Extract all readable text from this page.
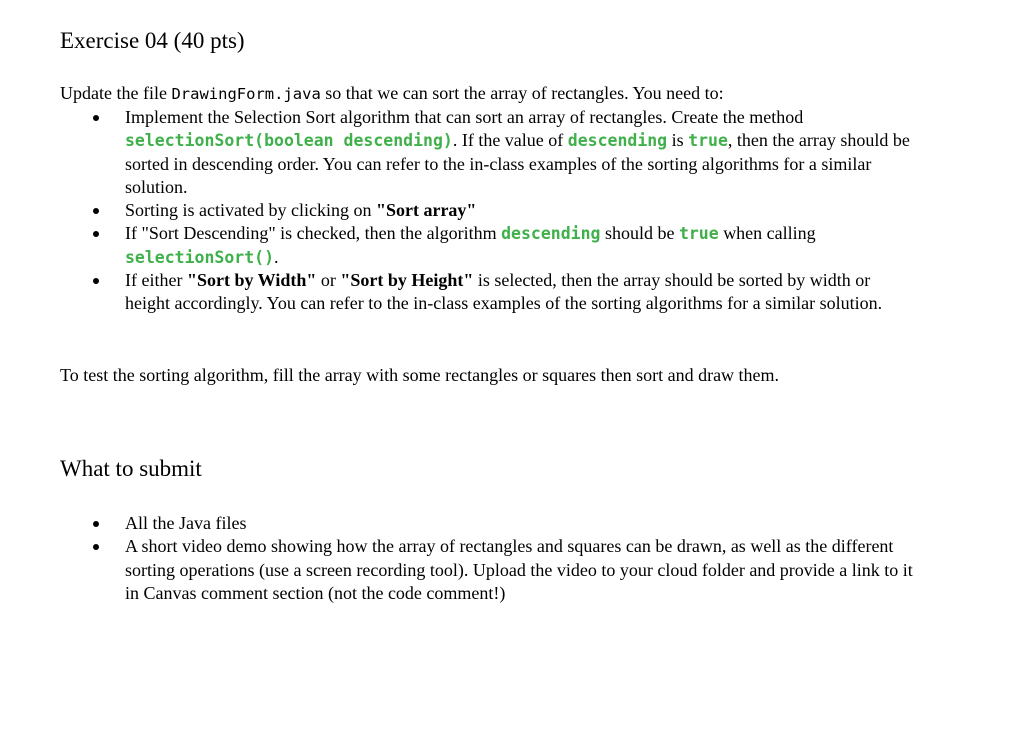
Exercise 04 (40 pts)

Update the file DrawingForm.java so that we can sort the array of rectangles. You need to:

Implement the Selection Sort algorithm that can sort an array of rectangles. Create the method selectionSort(boolean descending). If the value of descending is true, then the array should be sorted in descending order. You can refer to the in-class examples of the sorting algorithms for a similar solution.
Sorting is activated by clicking on "Sort array"
If "Sort Descending" is checked, then the algorithm descending should be true when calling selectionSort().
If either "Sort by Width" or "Sort by Height" is selected, then the array should be sorted by width or height accordingly. You can refer to the in-class examples of the sorting algorithms for a similar solution.

To test the sorting algorithm, fill the array with some rectangles or squares then sort and draw them.

What to submit
All the Java files
A short video demo showing how the array of rectangles and squares can be drawn, as well as the different sorting operations (use a screen recording tool). Upload the video to your cloud folder and provide a link to it in Canvas comment section (not the code comment!)
